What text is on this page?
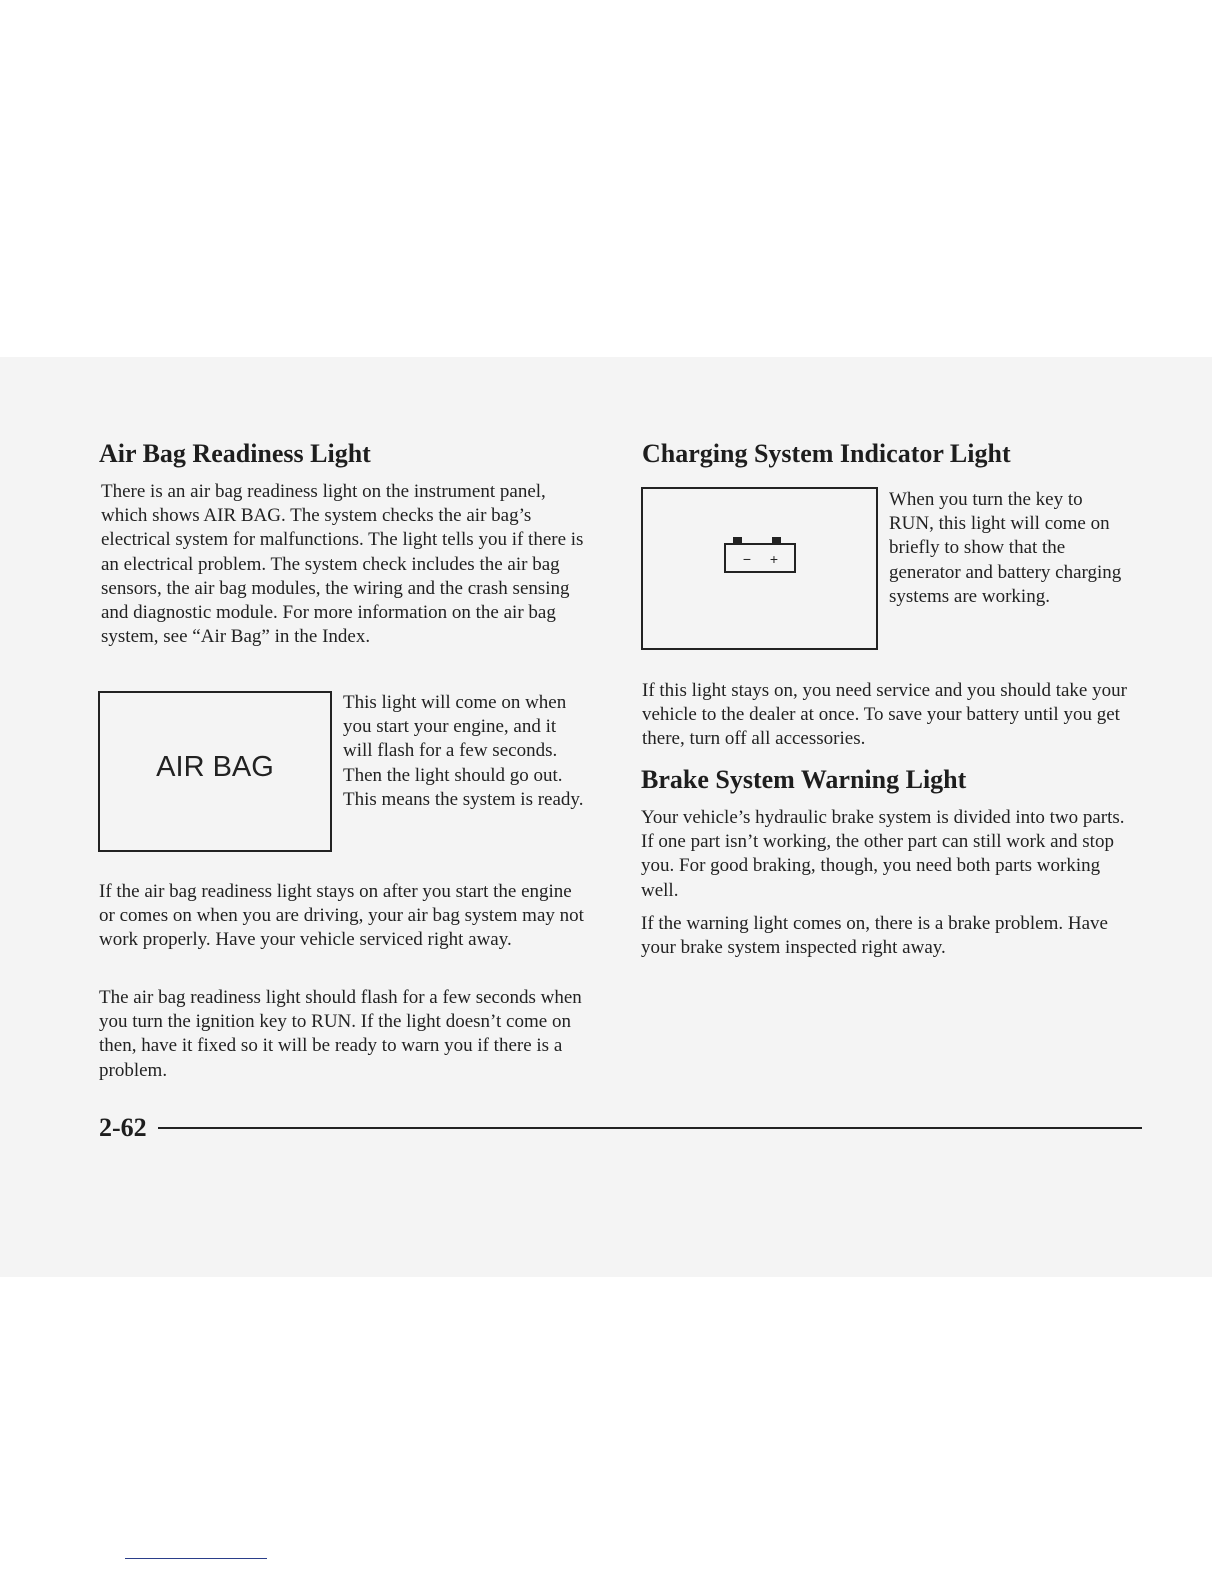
Air Bag Readiness Light

There is an air bag readiness light on the instrument panel, which shows AIR BAG. The system checks the air bag’s electrical system for malfunctions. The light tells you if there is an electrical problem. The system check includes the air bag sensors, the air bag modules, the wiring and the crash sensing and diagnostic module. For more information on the air bag system, see “Air Bag” in the Index.

AIR BAG

This light will come on when you start your engine, and it will flash for a few seconds. Then the light should go out. This means the system is ready.

If the air bag readiness light stays on after you start the engine or comes on when you are driving, your air bag system may not work properly. Have your vehicle serviced right away.

The air bag readiness light should flash for a few seconds when you turn the ignition key to RUN. If the light doesn’t come on then, have it fixed so it will be ready to warn you if there is a problem.

Charging System Indicator Light
− +

When you turn the key to RUN, this light will come on briefly to show that the generator and battery charging systems are working.

If this light stays on, you need service and you should take your vehicle to the dealer at once. To save your battery until you get there, turn off all accessories.

Brake System Warning Light

Your vehicle’s hydraulic brake system is divided into two parts. If one part isn’t working, the other part can still work and stop you. For good braking, though, you need both parts working well.

If the warning light comes on, there is a brake problem. Have your brake system inspected right away.

2-62
